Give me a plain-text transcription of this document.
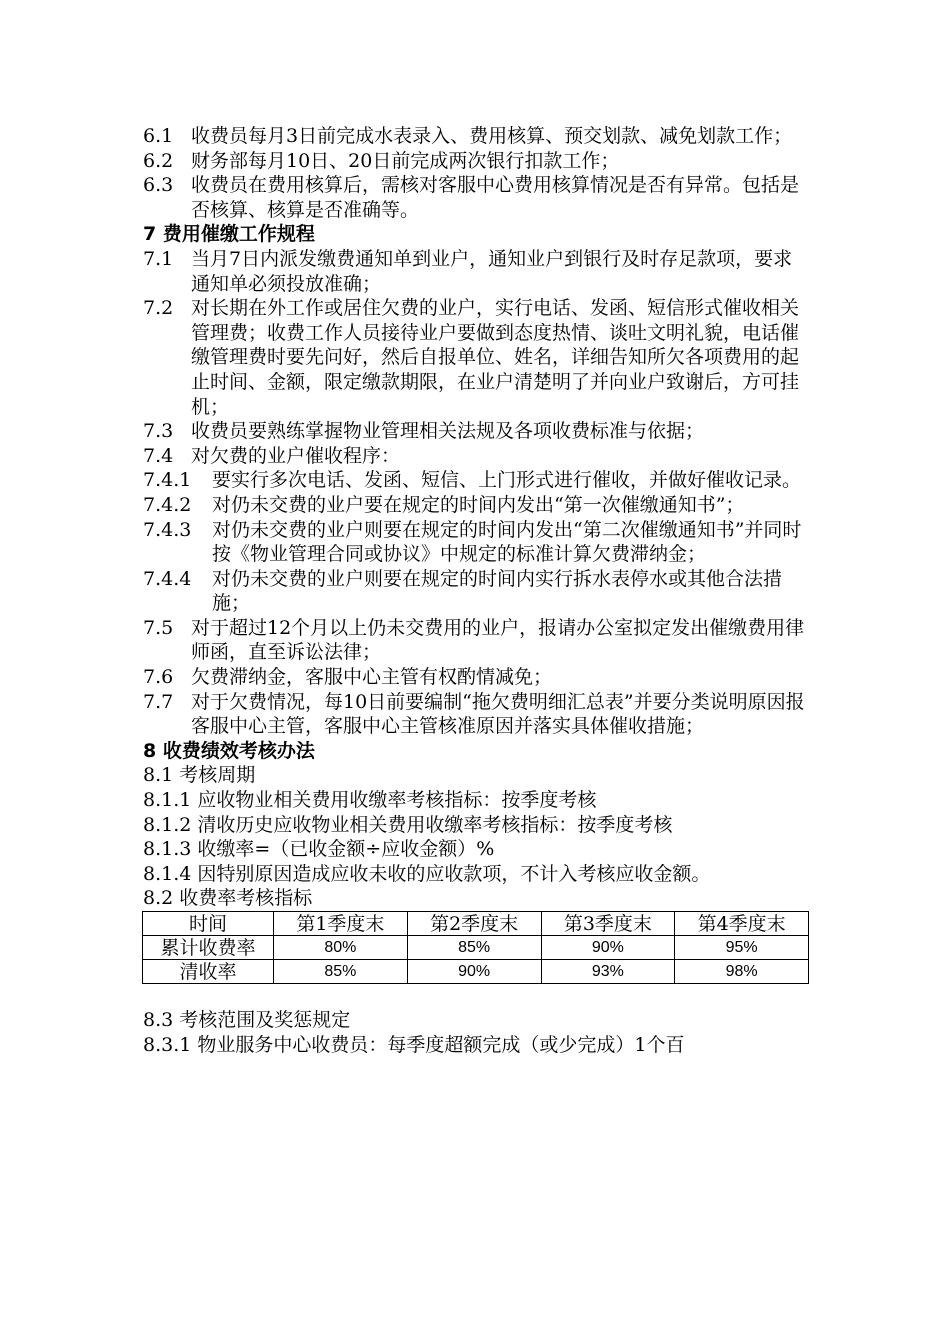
6.1 收费员每月3日前完成水表录入、费用核算、预交划款、减免划款工作；
6.2 财务部每月10日、20日前完成两次银行扣款工作；
6.3 收费员在费用核算后，需核对客服中心费用核算情况是否有异常。包括是否核算、核算是否准确等。
7 费用催缴工作规程
7.1 当月7日内派发缴费通知单到业户，通知业户到银行及时存足款项，要求通知单必须投放准确；
7.2 对长期在外工作或居住欠费的业户，实行电话、发函、短信形式催收相关管理费；收费工作人员接待业户要做到态度热情、谈吐文明礼貌，电话催缴管理费时要先问好，然后自报单位、姓名，详细告知所欠各项费用的起止时间、金额，限定缴款期限，在业户清楚明了并向业户致谢后，方可挂机；
7.3 收费员要熟练掌握物业管理相关法规及各项收费标准与依据；
7.4 对欠费的业户催收程序：
7.4.1	要实行多次电话、发函、短信、上门形式进行催收，并做好催收记录。
7.4.2	对仍未交费的业户要在规定的时间内发出“第一次催缴通知书”；
7.4.3	对仍未交费的业户则要在规定的时间内发出“第二次催缴通知书”并同时按《物业管理合同或协议》中规定的标准计算欠费滞纳金；
7.4.4	对仍未交费的业户则要在规定的时间内实行拆水表停水或其他合法措施；
7.5 对于超过12个月以上仍未交费用的业户，报请办公室拟定发出催缴费用律师函，直至诉讼法律；
7.6 欠费滞纳金，客服中心主管有权酌情减免；
7.7 对于欠费情况，每10日前要编制“拖欠费明细汇总表”并要分类说明原因报客服中心主管，客服中心主管核准原因并落实具体催收措施；
8 收费绩效考核办法
8.1 考核周期
8.1.1 应收物业相关费用收缴率考核指标：按季度考核
8.1.2 清收历史应收物业相关费用收缴率考核指标：按季度考核
8.1.3 收缴率=（已收金额÷应收金额）%
8.1.4 因特别原因造成应收未收的应收款项，不计入考核应收金额。
8.2 收费率考核指标
时间	第1季度末	第2季度末	第3季度末	第4季度末
累计收费率	80%	85%	90%	95%
清收率	85%	90%	93%	98%
8.3 考核范围及奖惩规定
8.3.1 物业服务中心收费员：每季度超额完成（或少完成）1个百
